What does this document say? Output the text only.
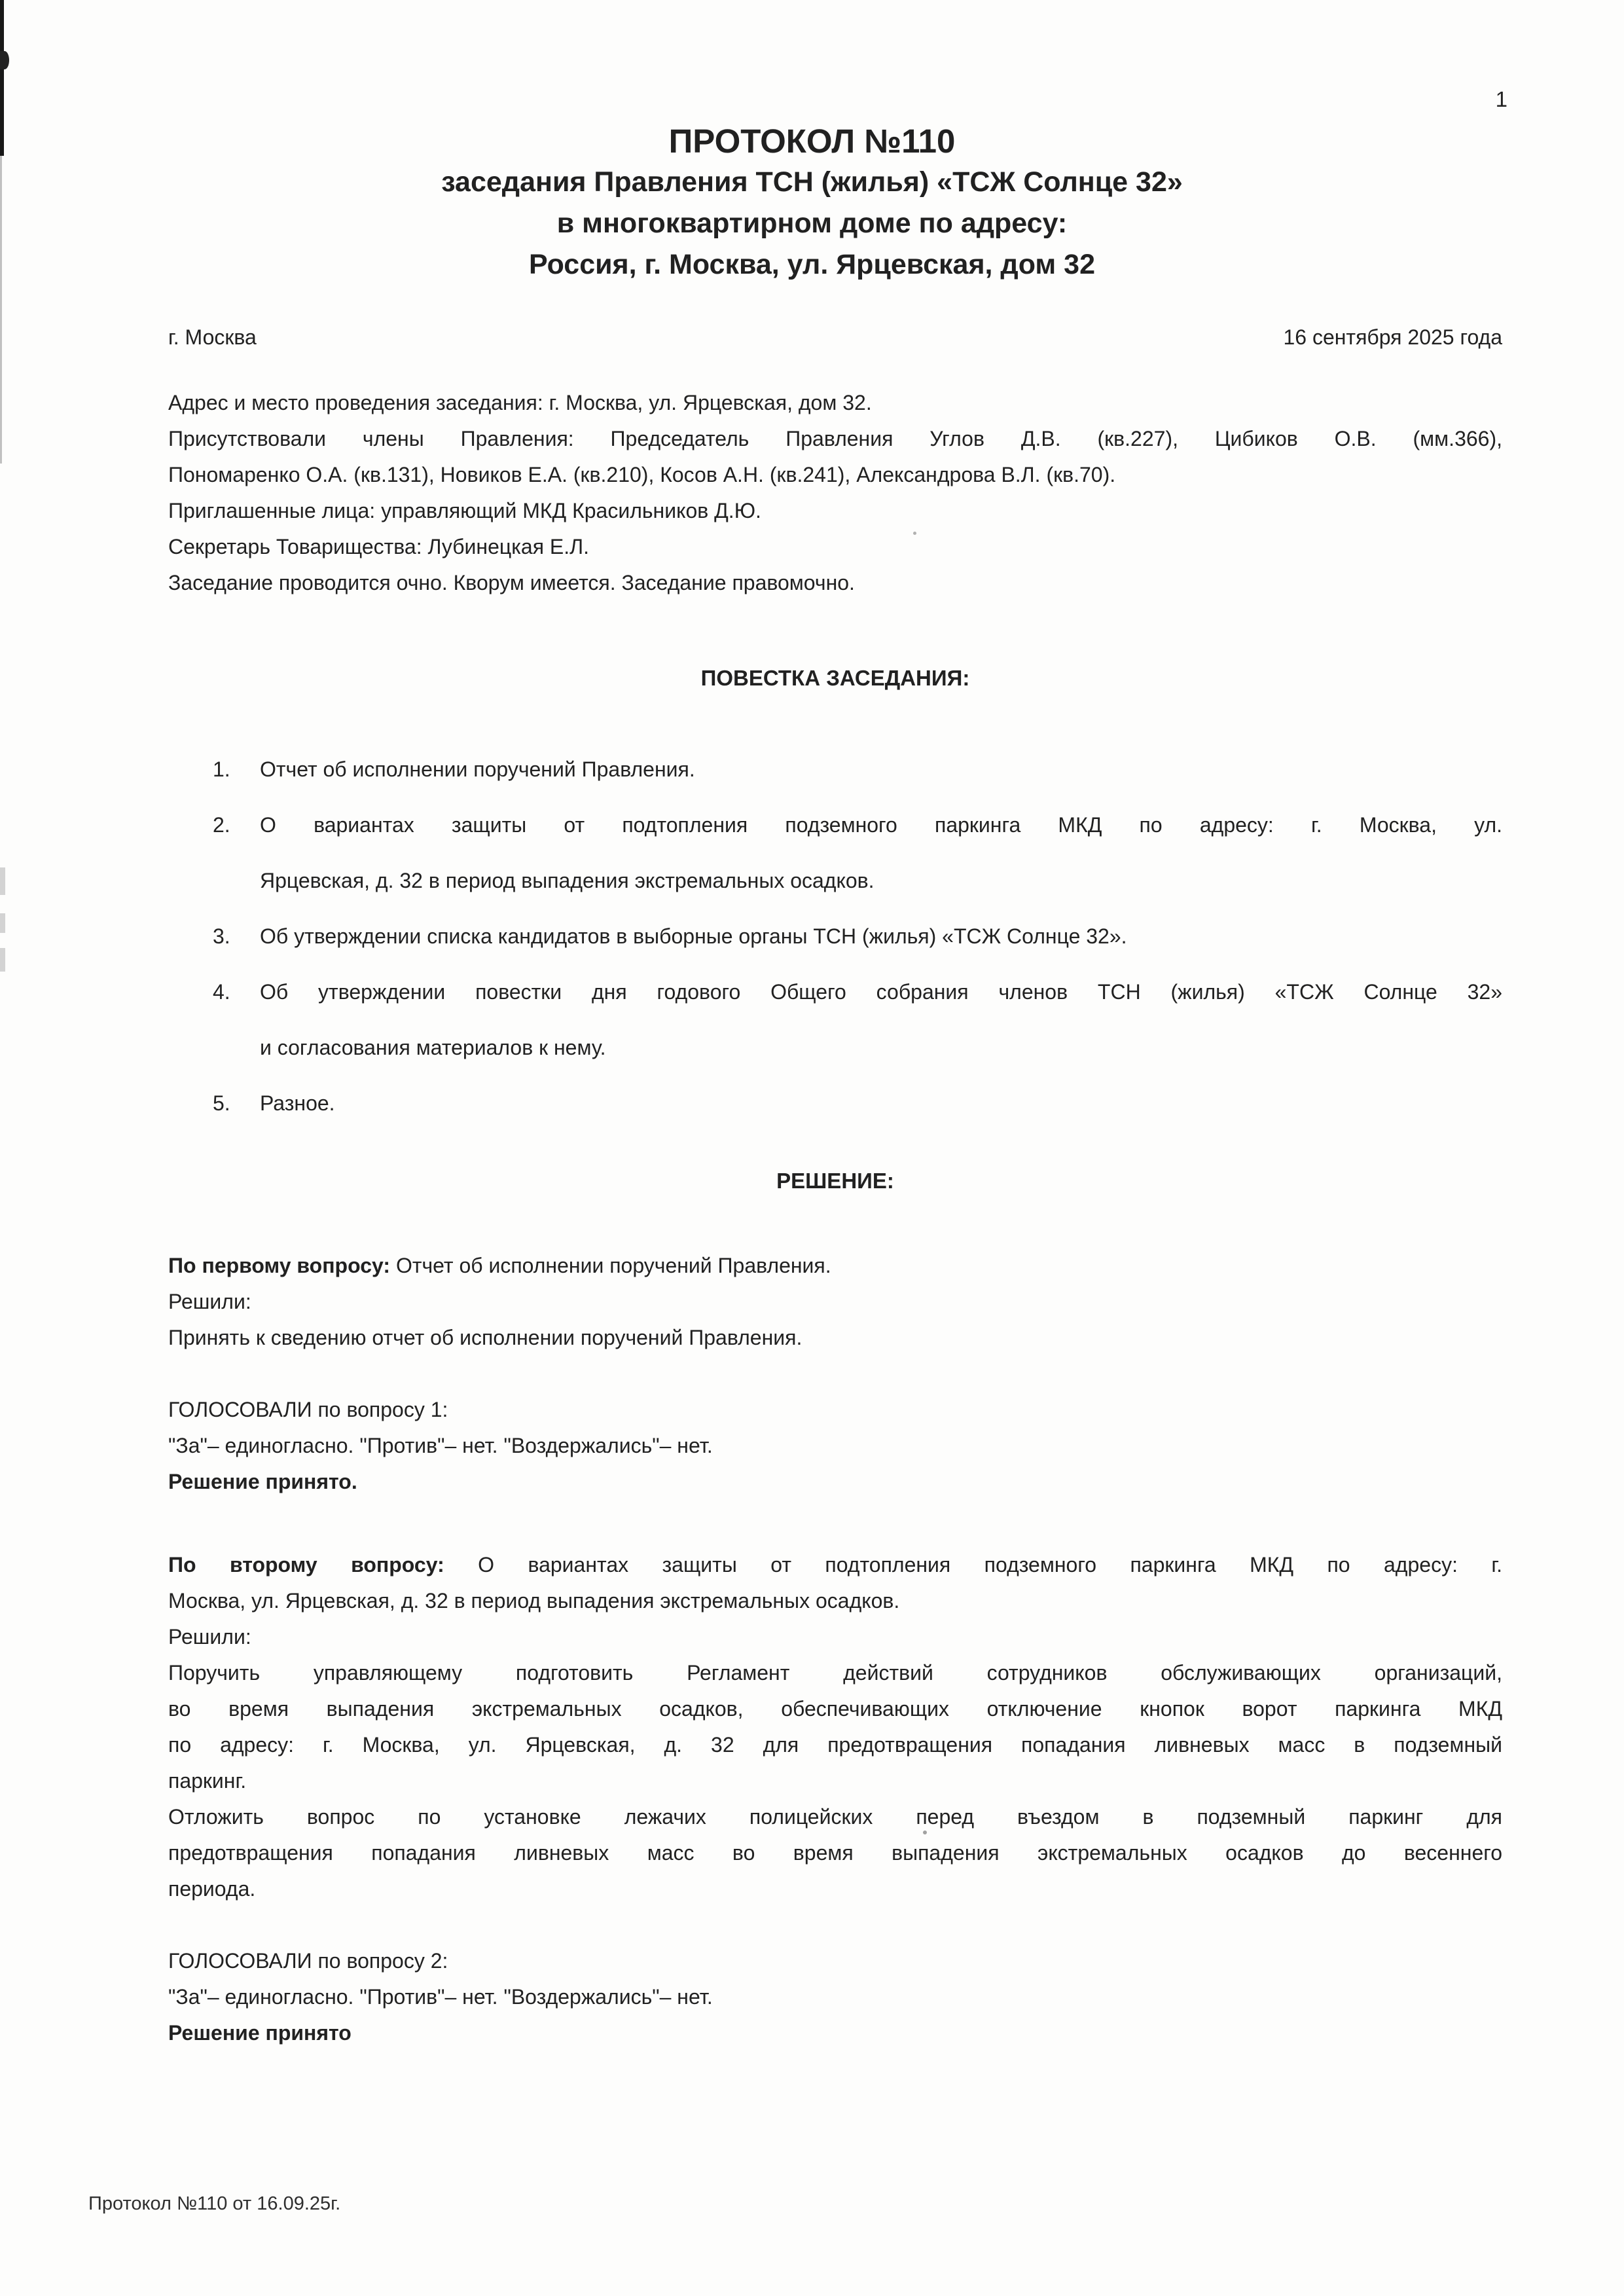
1
ПРОТОКОЛ №110
заседания Правления ТСН (жилья) «ТСЖ Солнце 32»
в многоквартирном доме по адресу:
Россия, г. Москва, ул. Ярцевская, дом 32
г. Москва	16 сентября 2025 года
Адрес и место проведения заседания: г. Москва, ул. Ярцевская, дом 32.
Присутствовали члены Правления: Председатель Правления Углов Д.В. (кв.227), Цибиков О.В. (мм.366),
Пономаренко О.А. (кв.131), Новиков Е.А. (кв.210), Косов А.Н. (кв.241), Александрова В.Л. (кв.70).
Приглашенные лица: управляющий МКД Красильников Д.Ю.
Секретарь Товарищества: Лубинецкая Е.Л.
Заседание проводится очно. Кворум имеется. Заседание правомочно.
ПОВЕСТКА ЗАСЕДАНИЯ:
1. Отчет об исполнении поручений Правления.
2. О вариантах защиты от подтопления подземного паркинга МКД по адресу: г. Москва, ул.
Ярцевская, д. 32 в период выпадения экстремальных осадков.
3. Об утверждении списка кандидатов в выборные органы ТСН (жилья) «ТСЖ Солнце 32».
4. Об утверждении повестки дня годового Общего собрания членов ТСН (жилья) «ТСЖ Солнце 32»
и согласования материалов к нему.
5. Разное.
РЕШЕНИЕ:
По первому вопросу: Отчет об исполнении поручений Правления.
Решили:
Принять к сведению отчет об исполнении поручений Правления.
ГОЛОСОВАЛИ по вопросу 1:
"За"– единогласно. "Против"– нет. "Воздержались"– нет.
Решение принято.
По второму вопросу: О вариантах защиты от подтопления подземного паркинга МКД по адресу: г.
Москва, ул. Ярцевская, д. 32 в период выпадения экстремальных осадков.
Решили:
Поручить управляющему подготовить Регламент действий сотрудников обслуживающих организаций,
во время выпадения экстремальных осадков, обеспечивающих отключение кнопок ворот паркинга МКД
по адресу: г. Москва, ул. Ярцевская, д. 32 для предотвращения попадания ливневых масс в подземный
паркинг.
Отложить вопрос по установке лежачих полицейских перед въездом в подземный паркинг для
предотвращения попадания ливневых масс во время выпадения экстремальных осадков до весеннего
периода.
ГОЛОСОВАЛИ по вопросу 2:
"За"– единогласно. "Против"– нет. "Воздержались"– нет.
Решение принято
Протокол №110 от 16.09.25г.
